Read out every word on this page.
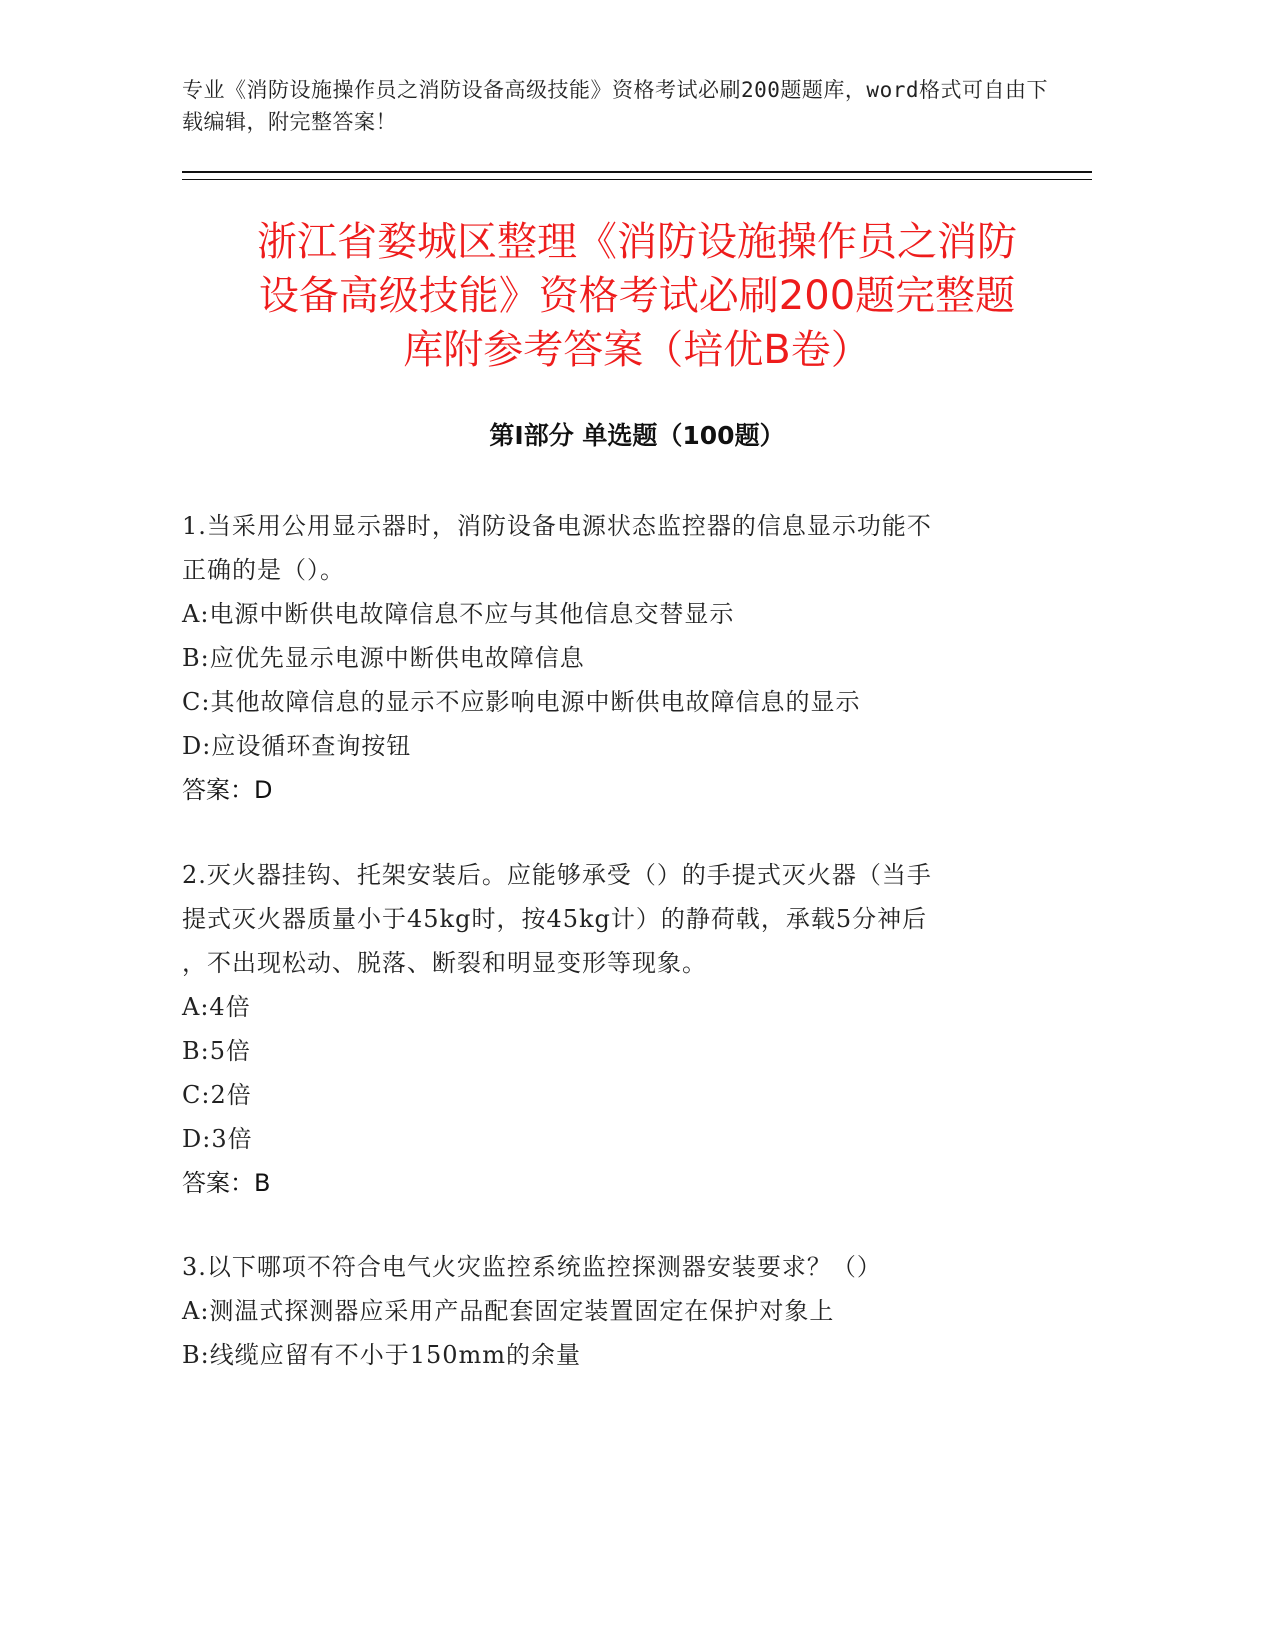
专业《消防设施操作员之消防设备高级技能》资格考试必刷200题题库，word格式可自由下载编辑，附完整答案！
浙江省婺城区整理《消防设施操作员之消防
设备高级技能》资格考试必刷200题完整题
库附参考答案（培优B卷）
第I部分 单选题（100题）

1.当采用公用显示器时，消防设备电源状态监控器的信息显示功能不

正确的是（）。

A:电源中断供电故障信息不应与其他信息交替显示

B:应优先显示电源中断供电故障信息

C:其他故障信息的显示不应影响电源中断供电故障信息的显示

D:应设循环查询按钮

答案：D

2.灭火器挂钩、托架安装后。应能够承受（）的手提式灭火器（当手

提式灭火器质量小于45kg时，按45kg计）的静荷戟，承载5分神后

，不出现松动、脱落、断裂和明显变形等现象。

A:4倍

B:5倍

C:2倍

D:3倍

答案：B

3.以下哪项不符合电气火灾监控系统监控探测器安装要求？（）

A:测温式探测器应采用产品配套固定装置固定在保护对象上

B:线缆应留有不小于150mm的余量
